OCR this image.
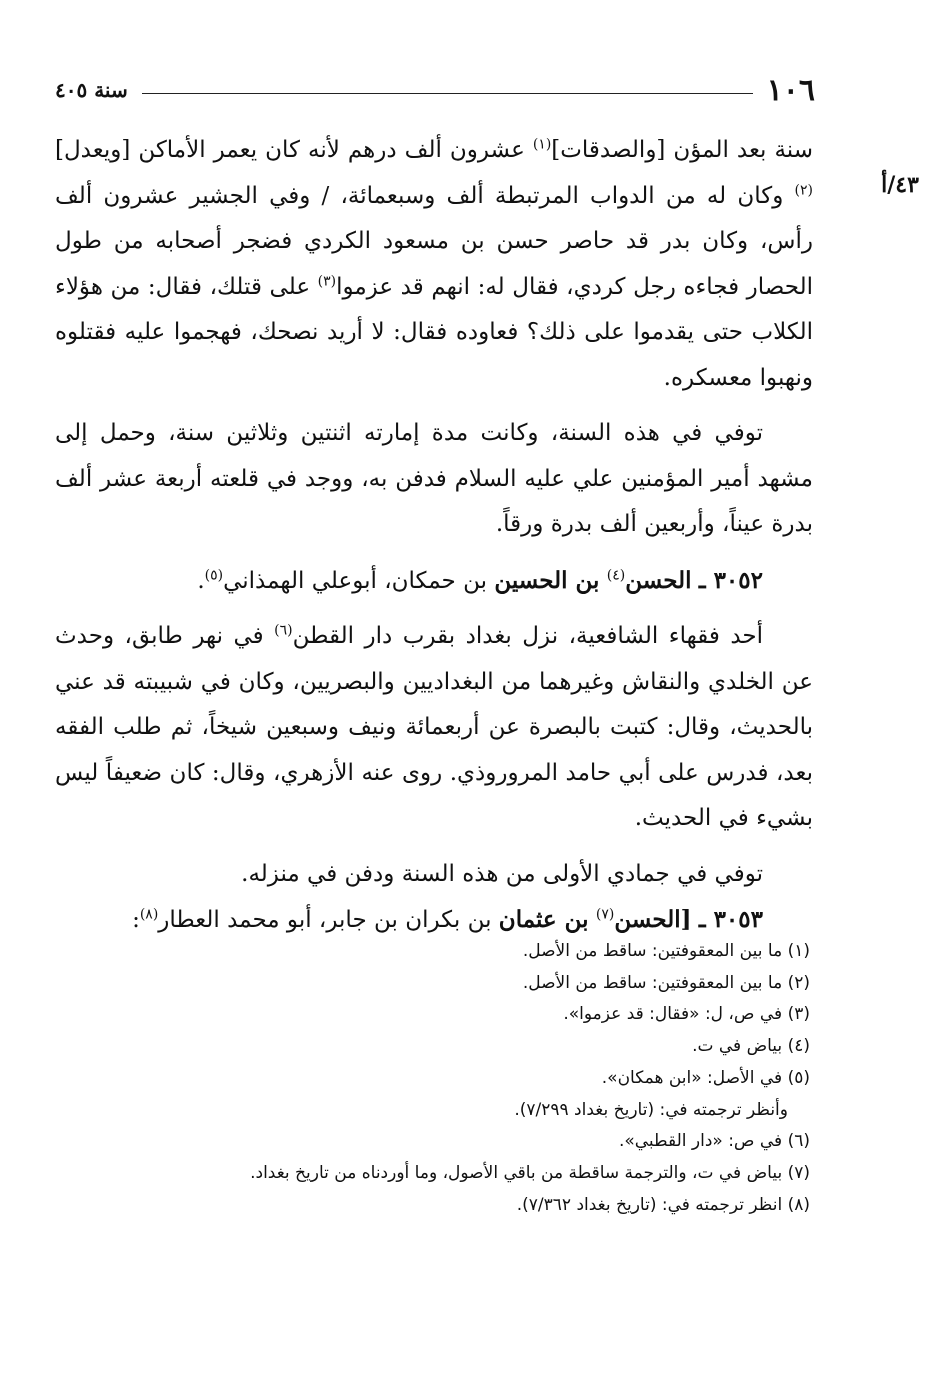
١٠٦
سنة ٤٠٥
٤٣/أ

سنة بعد المؤن [والصدقات]$^{(١)}$ عشرون ألف درهم لأنه كان يعمر الأماكن [ويعدل]$^{(٢)}$ وكان له من الدواب المرتبطة ألف وسبعمائة، / وفي الجشير عشرون ألف رأس، وكان بدر قد حاصر حسن بن مسعود الكردي فضجر أصحابه من طول الحصار فجاءه رجل كردي، فقال له: انهم قد عزموا$^{(٣)}$ على قتلك، فقال: من هؤلاء الكلاب حتى يقدموا على ذلك؟ فعاوده فقال: لا أريد نصحك، فهجموا عليه فقتلوه ونهبوا معسكره.

توفي في هذه السنة، وكانت مدة إمارته اثنتين وثلاثين سنة، وحمل إلى مشهد أمير المؤمنين علي عليه السلام فدفن به، ووجد في قلعته أربعة عشر ألف بدرة عيناً، وأربعين ألف بدرة ورقاً.

٣٠٥٢ ـ الحسن$^{(٤)}$ بن الحسين بن حمكان، أبوعلي الهمذاني$^{(٥)}$.

أحد فقهاء الشافعية، نزل بغداد بقرب دار القطن$^{(٦)}$ في نهر طابق، وحدث عن الخلدي والنقاش وغيرهما من البغداديين والبصريين، وكان في شبيبته قد عني بالحديث، وقال: كتبت بالبصرة عن أربعمائة ونيف وسبعين شيخاً، ثم طلب الفقه بعد، فدرس على أبي حامد المروروذي. روى عنه الأزهري، وقال: كان ضعيفاً ليس بشيء في الحديث.

توفي في جمادي الأولى من هذه السنة ودفن في منزله.

٣٠٥٣ ـ [الحسن$^{(٧)}$ بن عثمان بن بكران بن جابر، أبو محمد العطار$^{(٨)}$:

(١) ما بين المعقوفتين: ساقط من الأصل.

(٢) ما بين المعقوفتين: ساقط من الأصل.

(٣) في ص، ل: «فقال: قد عزموا».

(٤) بياض في ت.

(٥) في الأصل: «ابن همكان».

وأنظر ترجمته في: (تاريخ بغداد ٧/٢٩٩).

(٦) في ص: «دار القطبي».

(٧) بياض في ت، والترجمة ساقطة من باقي الأصول، وما أوردناه من تاريخ بغداد.

(٨) انظر ترجمته في: (تاريخ بغداد ٧/٣٦٢).
